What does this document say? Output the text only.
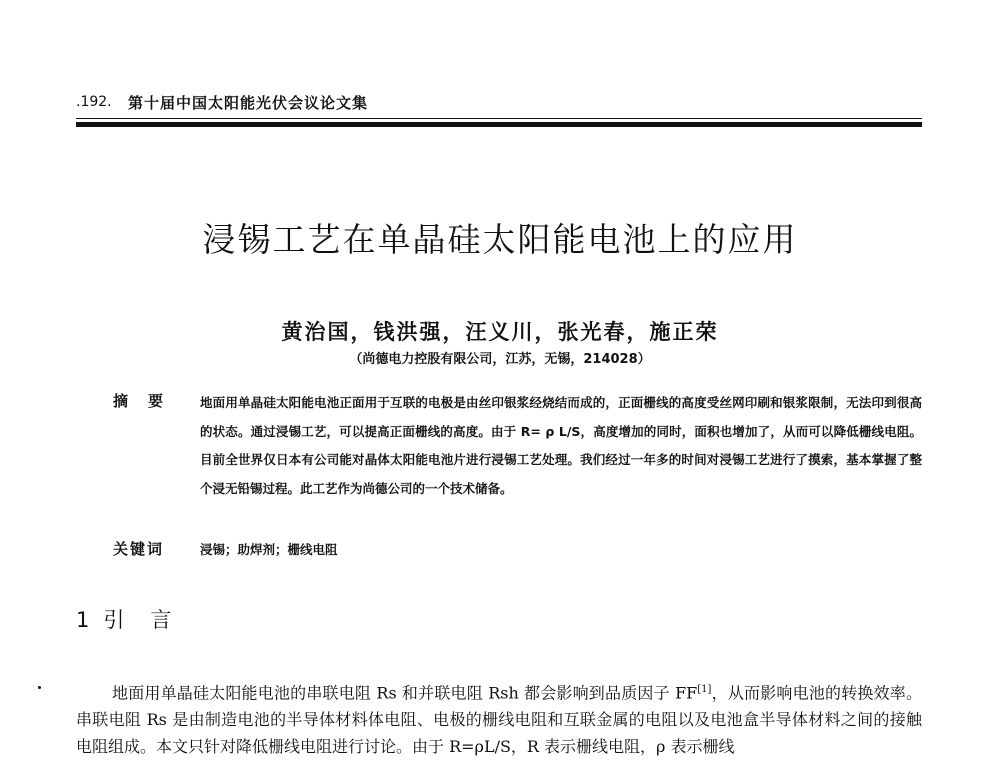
.192. 第十届中国太阳能光伏会议论文集
浸锡工艺在单晶硅太阳能电池上的应用
黄治国，钱洪强，汪义川，张光春，施正荣
（尚德电力控股有限公司，江苏，无锡，214028）
摘要 地面用单晶硅太阳能电池正面用于互联的电极是由丝印银浆经烧结而成的，正面栅线的高度受丝网印刷和银浆限制，无法印到很高的状态。通过浸锡工艺，可以提高正面栅线的高度。由于 R= ρ L/S，高度增加的同时，面积也增加了，从而可以降低栅线电阻。目前全世界仅日本有公司能对晶体太阳能电池片进行浸锡工艺处理。我们经过一年多的时间对浸锡工艺进行了摸索，基本掌握了整个浸无铅锡过程。此工艺作为尚德公司的一个技术储备。
关键词	浸锡；助焊剂；栅线电阻
1 引言
地面用单晶硅太阳能电池的串联电阻 Rs 和并联电阻 Rsh 都会影响到品质因子 FF[1]，从而影响电池的转换效率。串联电阻 Rs 是由制造电池的半导体材料体电阻、电极的栅线电阻和互联金属的电阻以及电池盒半导体材料之间的接触电阻组成。本文只针对降低栅线电阻进行讨论。由于 R=ρL/S，R 表示栅线电阻，ρ 表示栅线
